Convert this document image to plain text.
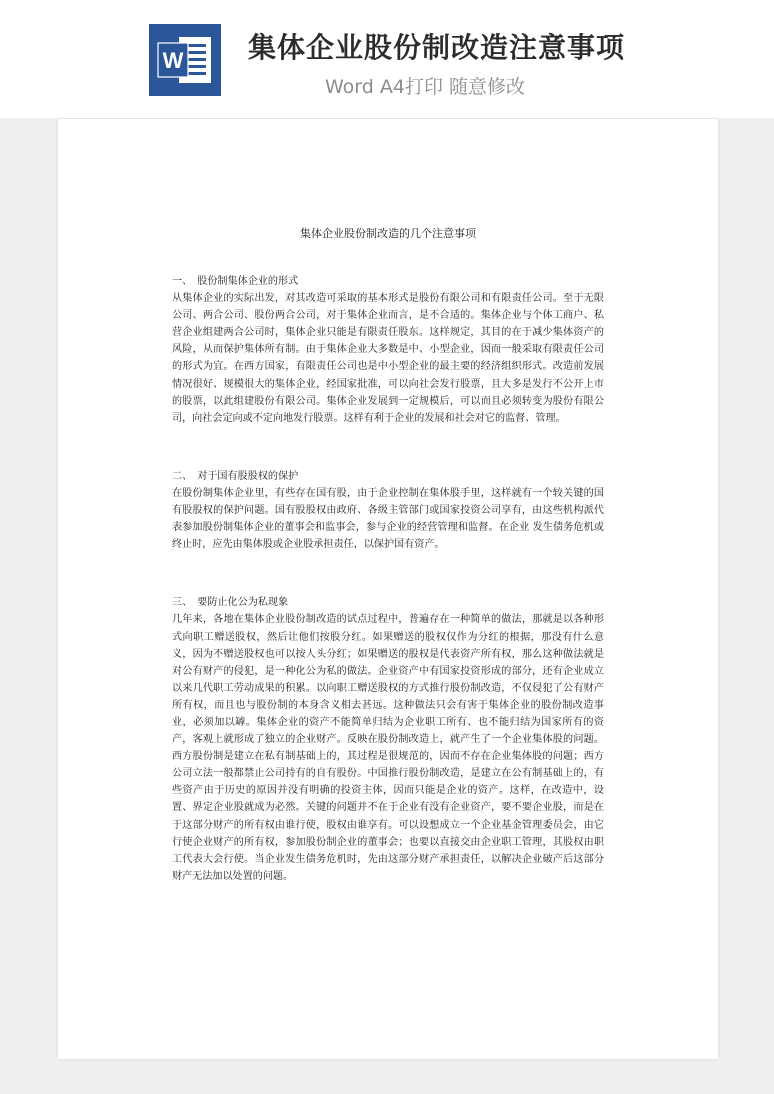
W 集体企业股份制改造注意事项
Word A4打印 随意修改
集体企业股份制改造的几个注意事项

一、　股份制集体企业的形式

从集体企业的实际出发，对其改造可采取的基本形式是股份有限公司和有限责任公司。至于无限公司、两合公司、股份两合公司，对于集体企业而言，是不合适的。集体企业与个体工商户、私营企业组建两合公司时，集体企业只能是有限责任股东。这样规定，其目的在于减少集体资产的风险，从而保护集体所有制。由于集体企业大多数是中、小型企业，因而一般采取有限责任公司的形式为宜。在西方国家，有限责任公司也是中小型企业的最主要的经济组织形式。改造前发展情况很好、规模很大的集体企业，经国家批准，可以向社会发行股票，且大多是发行不公开上市的股票，以此组建股份有限公司。集体企业发展到一定规模后，可以而且必须转变为股份有限公司，向社会定向或不定向地发行股票。这样有利于企业的发展和社会对它的监督、管理。

二、　对于国有股股权的保护

在股份制集体企业里，有些存在国有股，由于企业控制在集体股手里，这样就有一个较关键的国有股股权的保护问题。国有股股权由政府、各级主管部门或国家投资公司享有，由这些机构派代表参加股份制集体企业的董事会和监事会，参与企业的经营管理和监督。在企业 发生债务危机或终止时，应先由集体股或企业股承担责任，以保护国有资产。

三、　要防止化公为私现象

几年来，各地在集体企业股份制改造的试点过程中，普遍存在一种简单的做法，那就是以各种形式向职工赠送股权，然后让他们按股分红。如果赠送的股权仅作为分红的根据，那没有什么意义，因为不赠送股权也可以按人头分红；如果赠送的股权是代表资产所有权，那么这种做法就是对公有财产的侵犯，是一种化公为私的做法。企业资产中有国家投资形成的部分，还有企业成立以来几代职工劳动成果的积累。以向职工赠送股权的方式推行股份制改造，不仅侵犯了公有财产所有权，而且也与股份制的本身含义相去甚远。这种做法只会有害于集体企业的股份制改造事业，必须加以罅。集体企业的资产不能简单归结为企业职工所有、也不能归结为国家所有的资产，客观上就形成了独立的企业财产。反映在股份制改造上，就产生了一个企业集体股的问题。西方股份制是建立在私有制基础上的，其过程是很规范的，因而不存在企业集体股的问题；西方公司立法一般都禁止公司持有的自有股份。中国推行股份制改造，是建立在公有制基础上的，有些资产由于历史的原因并没有明确的投资主体，因而只能是企业的资产。这样，在改造中，设置、界定企业股就成为必然。关键的问题并不在于企业有没有企业资产，要不要企业股，而是在于这部分财产的所有权由谁行使，股权由谁享有。可以设想成立一个企业基金管理委员会，由它行使企业财产的所有权，参加股份制企业的董事会；也要以直接交由企业职工管理，其股权由职工代表大会行使。当企业发生债务危机时，先由这部分财产承担责任，以解决企业破产后这部分财产无法加以处置的问题。
